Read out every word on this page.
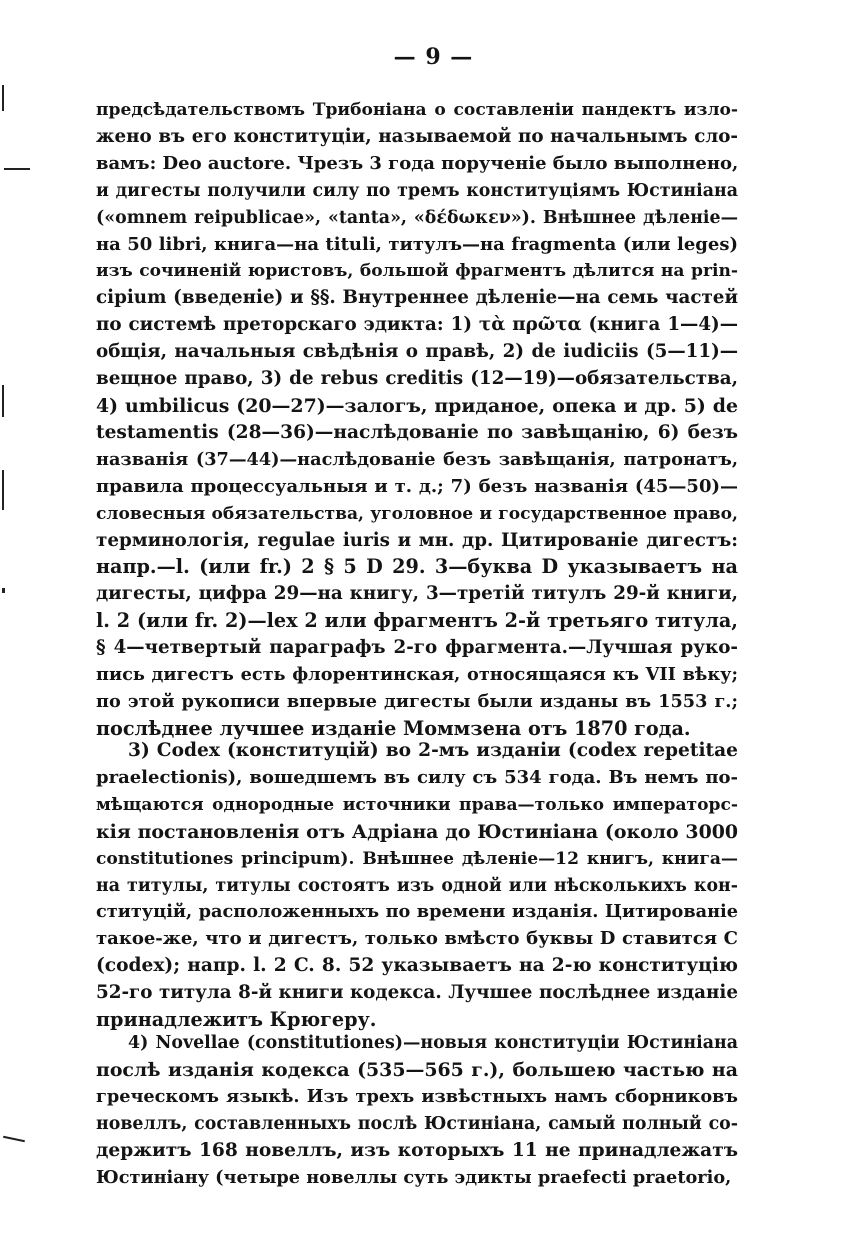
— 9 —
предсѣдательствомъ Трибоніана о составленіи пандектъ изло-
жено въ его конституціи, называемой по начальнымъ сло-
вамъ: Deo auctore. Чрезъ 3 года порученіе было выполнено,
и дигесты получили силу по тремъ конституціямъ Юстиніана
(«omnem reipublicae», «tanta», «δέδωκεν»). Внѣшнее дѣленіе—
на 50 libri, книга—на tituli, титулъ—на fragmenta (или leges)
изъ сочиненій юристовъ, большой фрагментъ дѣлится на prin-
cipium (введеніе) и §§. Внутреннее дѣленіе—на семь частей
по системѣ преторскаго эдикта: 1) τὰ πρῶτα (книга 1—4)—
общія, начальныя свѣдѣнія о правѣ, 2) de iudiciis (5—11)—
вещное право, 3) de rebus creditis (12—19)—обязательства,
4) umbilicus (20—27)—залогъ, приданое, опека и др. 5) de
testamentis (28—36)—наслѣдованіе по завѣщанію, 6) безъ
названія (37—44)—наслѣдованіе безъ завѣщанія, патронатъ,
правила процессуальныя и т. д.; 7) безъ названія (45—50)—
словесныя обязательства, уголовное и государственное право,
терминологія, regulae iuris и мн. др. Цитированіе дигестъ:
напр.—l. (или fr.) 2 § 5 D 29. 3—буква D указываетъ на
дигесты, цифра 29—на книгу, 3—третій титулъ 29-й книги,
l. 2 (или fr. 2)—lex 2 или фрагментъ 2-й третьяго титула,
§ 4—четвертый параграфъ 2-го фрагмента.—Лучшая руко-
пись дигестъ есть флорентинская, относящаяся къ VII вѣку;
по этой рукописи впервые дигесты были изданы въ 1553 г.;
послѣднее лучшее изданіе Моммзена отъ 1870 года.
3) Codex (конституцій) во 2-мъ изданіи (codex repetitae
praelectionis), вошедшемъ въ силу съ 534 года. Въ немъ по-
мѣщаются однородные источники права—только императорс-
кія постановленія отъ Адріана до Юстиніана (около 3000
constitutiones principum). Внѣшнее дѣленіе—12 книгъ, книга—
на титулы, титулы состоятъ изъ одной или нѣсколькихъ кон-
ституцій, расположенныхъ по времени изданія. Цитированіе
такое-же, что и дигестъ, только вмѣсто буквы D ставится C
(codex); напр. l. 2 C. 8. 52 указываетъ на 2-ю конституцію
52-го титула 8-й книги кодекса. Лучшее послѣднее изданіе
принадлежитъ Крюгеру.
4) Novellae (constitutiones)—новыя конституціи Юстиніана
послѣ изданія кодекса (535—565 г.), большею частью на
греческомъ языкѣ. Изъ трехъ извѣстныхъ намъ сборниковъ
новеллъ, составленныхъ послѣ Юстиніана, самый полный со-
держитъ 168 новеллъ, изъ которыхъ 11 не принадлежатъ
Юстиніану (четыре новеллы суть эдикты praefecti praetorio,
